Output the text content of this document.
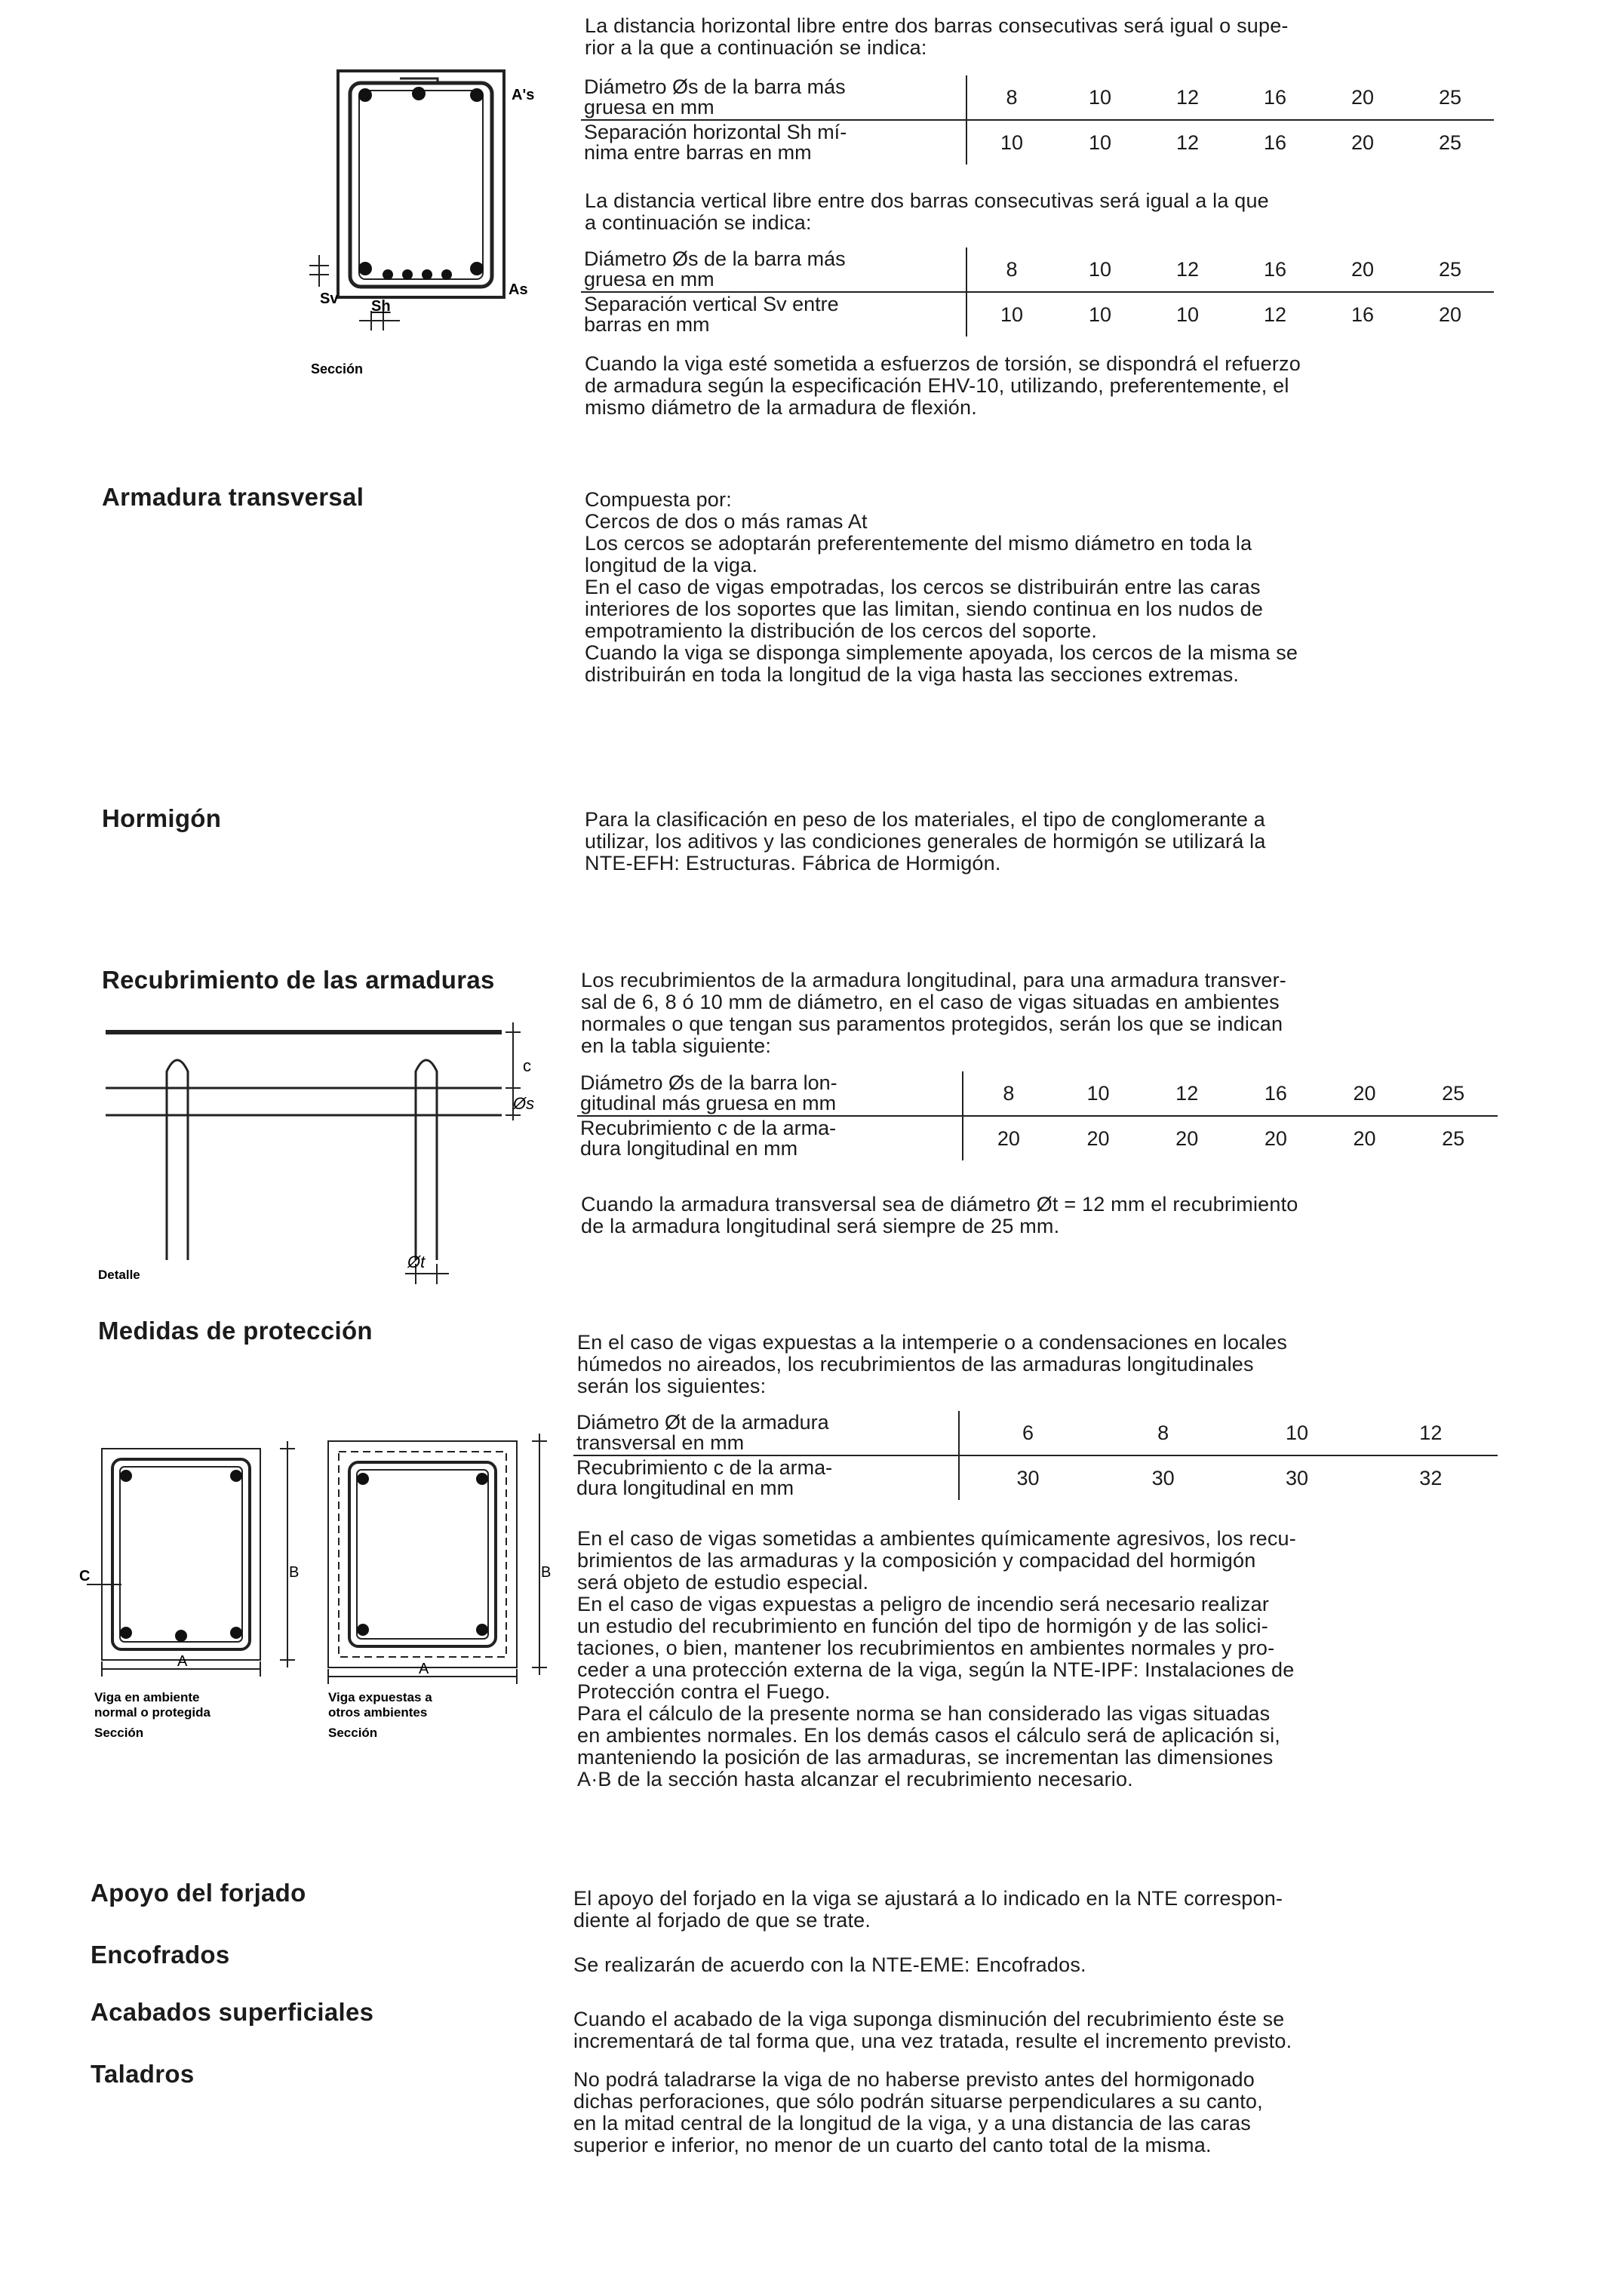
Sv Sh
A's
As
Sección
La distancia horizontal libre entre dos barras consecutivas será igual o supe-
rior a la que a continuación se indica:
Diámetro Øs de la barra más
gruesa en mm	8	10	12	16	20	25

Separación horizontal Sh mí-
nima entre barras en mm	10	10	12	16	20	25
La distancia vertical libre entre dos barras consecutivas será igual a la que
a continuación se indica:
Diámetro Øs de la barra más
gruesa en mm	8	10	12	16	20	25

Separación vertical Sv entre
barras en mm	10	10	10	12	16	20
Cuando la viga esté sometida a esfuerzos de torsión, se dispondrá el refuerzo
de armadura según la especificación EHV-10, utilizando, preferentemente, el
mismo diámetro de la armadura de flexión.
Armadura transversal	Compuesta por:
Cercos de dos o más ramas At
Los cercos se adoptarán preferentemente del mismo diámetro en toda la
longitud de la viga.
En el caso de vigas empotradas, los cercos se distribuirán entre las caras
interiores de los soportes que las limitan, siendo continua en los nudos de
empotramiento la distribución de los cercos del soporte.
Cuando la viga se disponga simplemente apoyada, los cercos de la misma se
distribuirán en toda la longitud de la viga hasta las secciones extremas.
Hormigón	Para la clasificación en peso de los materiales, el tipo de conglomerante a
utilizar, los aditivos y las condiciones generales de hormigón se utilizará la
NTE-EFH: Estructuras. Fábrica de Hormigón.
Recubrimiento de las armaduras
c
Øs
Øt
Detalle
Los recubrimientos de la armadura longitudinal, para una armadura transver-
sal de 6, 8 ó 10 mm de diámetro, en el caso de vigas situadas en ambientes
normales o que tengan sus paramentos protegidos, serán los que se indican
en la tabla siguiente:
Diámetro Øs de la barra lon-
gitudinal más gruesa en mm	8	10	12	16	20	25

Recubrimiento c de la arma-
dura longitudinal en mm	20	20	20	20	20	25
Cuando la armadura transversal sea de diámetro Øt = 12 mm el recubrimiento
de la armadura longitudinal será siempre de 25 mm.
Medidas de protección
A
B
C
A
B
Viga en ambiente
normal o protegida
Sección
Viga expuestas a
otros ambientes
Sección
En el caso de vigas expuestas a la intemperie o a condensaciones en locales
húmedos no aireados, los recubrimientos de las armaduras longitudinales
serán los siguientes:
Diámetro Øt de la armadura
transversal en mm	6	8	10	12

Recubrimiento c de la arma-
dura longitudinal en mm	30	30	30	32
En el caso de vigas sometidas a ambientes químicamente agresivos, los recu-
brimientos de las armaduras y la composición y compacidad del hormigón
será objeto de estudio especial.
En el caso de vigas expuestas a peligro de incendio será necesario realizar
un estudio del recubrimiento en función del tipo de hormigón y de las solici-
taciones, o bien, mantener los recubrimientos en ambientes normales y pro-
ceder a una protección externa de la viga, según la NTE-IPF: Instalaciones de
Protección contra el Fuego.
Para el cálculo de la presente norma se han considerado las vigas situadas
en ambientes normales. En los demás casos el cálculo será de aplicación si,
manteniendo la posición de las armaduras, se incrementan las dimensiones
A·B de la sección hasta alcanzar el recubrimiento necesario.
Apoyo del forjado	El apoyo del forjado en la viga se ajustará a lo indicado en la NTE correspon-
diente al forjado de que se trate.
Encofrados	Se realizarán de acuerdo con la NTE-EME: Encofrados.
Acabados superficiales	Cuando el acabado de la viga suponga disminución del recubrimiento éste se
incrementará de tal forma que, una vez tratada, resulte el incremento previsto.
Taladros	No podrá taladrarse la viga de no haberse previsto antes del hormigonado
dichas perforaciones, que sólo podrán situarse perpendiculares a su canto,
en la mitad central de la longitud de la viga, y a una distancia de las caras
superior e inferior, no menor de un cuarto del canto total de la misma.
